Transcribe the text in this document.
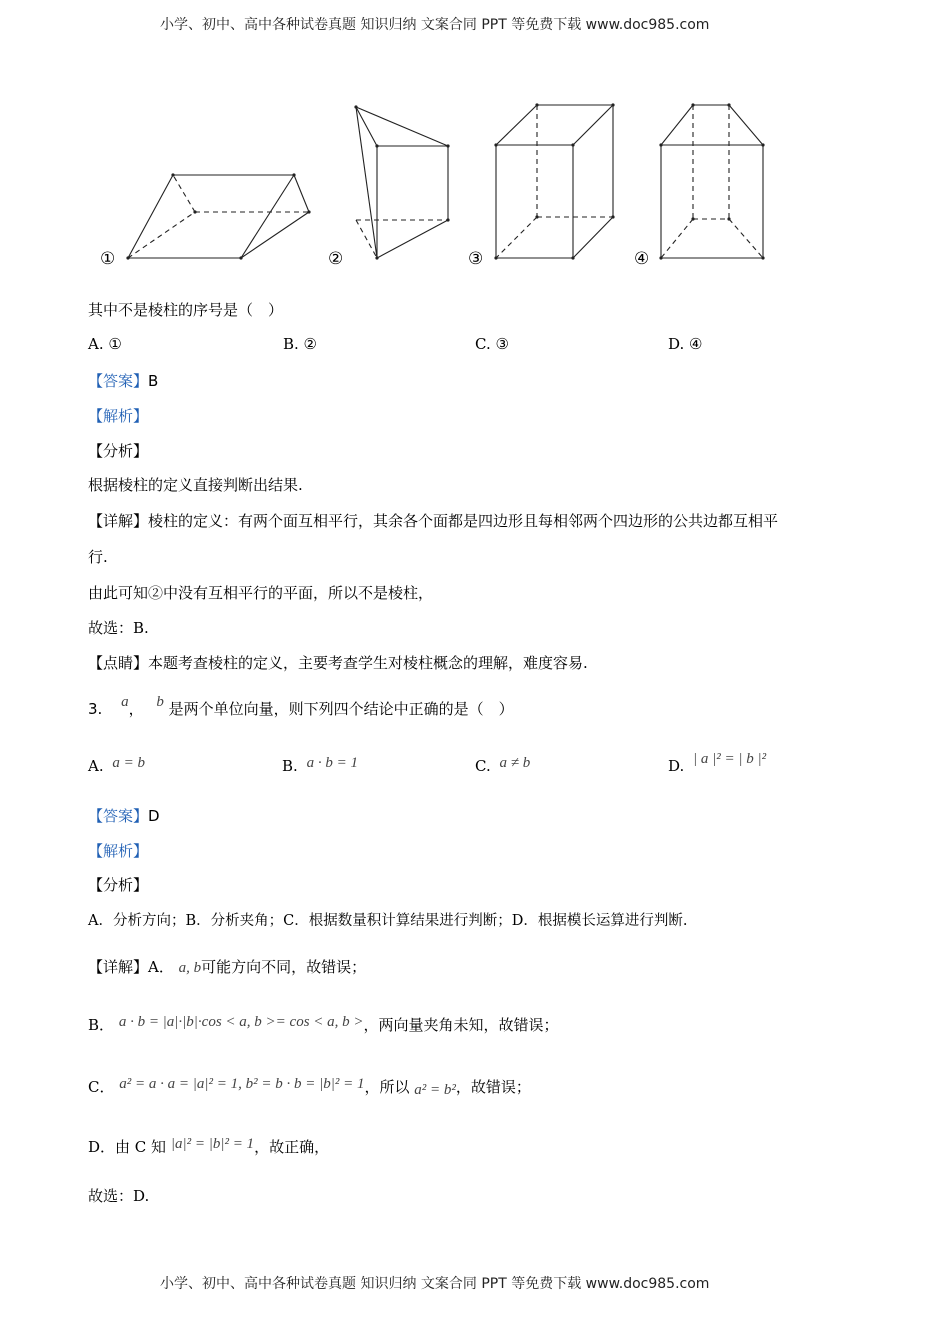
小学、初中、高中各种试卷真题 知识归纳 文案合同 PPT 等免费下载 www.doc985.com
①	②	③	④
其中不是棱柱的序号是（　）
A. ①	B. ②	C. ③	D. ④
【答案】B
【解析】
【分析】
根据棱柱的定义直接判断出结果.
【详解】棱柱的定义：有两个面互相平行，其余各个面都是四边形且每相邻两个四边形的公共边都互相平
行.
由此可知②中没有互相平行的平面，所以不是棱柱，
故选：B.
【点睛】本题考查棱柱的定义，主要考查学生对棱柱概念的理解，难度容易.
3. a， b 是两个单位向量，则下列四个结论中正确的是（　）
A. a = b	B. a · b = 1	C. a ≠ b	D. | a |² = | b |²
【答案】D
【解析】
【分析】
A．分析方向；B．分析夹角；C．根据数量积计算结果进行判断；D．根据模长运算进行判断.
【详解】A． a, b可能方向不同，故错误；
B． a · b = |a|·|b|·cos < a, b >= cos < a, b >，两向量夹角未知，故错误；
C． a² = a · a = |a|² = 1, b² = b · b = |b|² = 1，所以 a² = b²，故错误；
D．由 C 知 |a|² = |b|² = 1，故正确，
故选：D.
小学、初中、高中各种试卷真题 知识归纳 文案合同 PPT 等免费下载 www.doc985.com
